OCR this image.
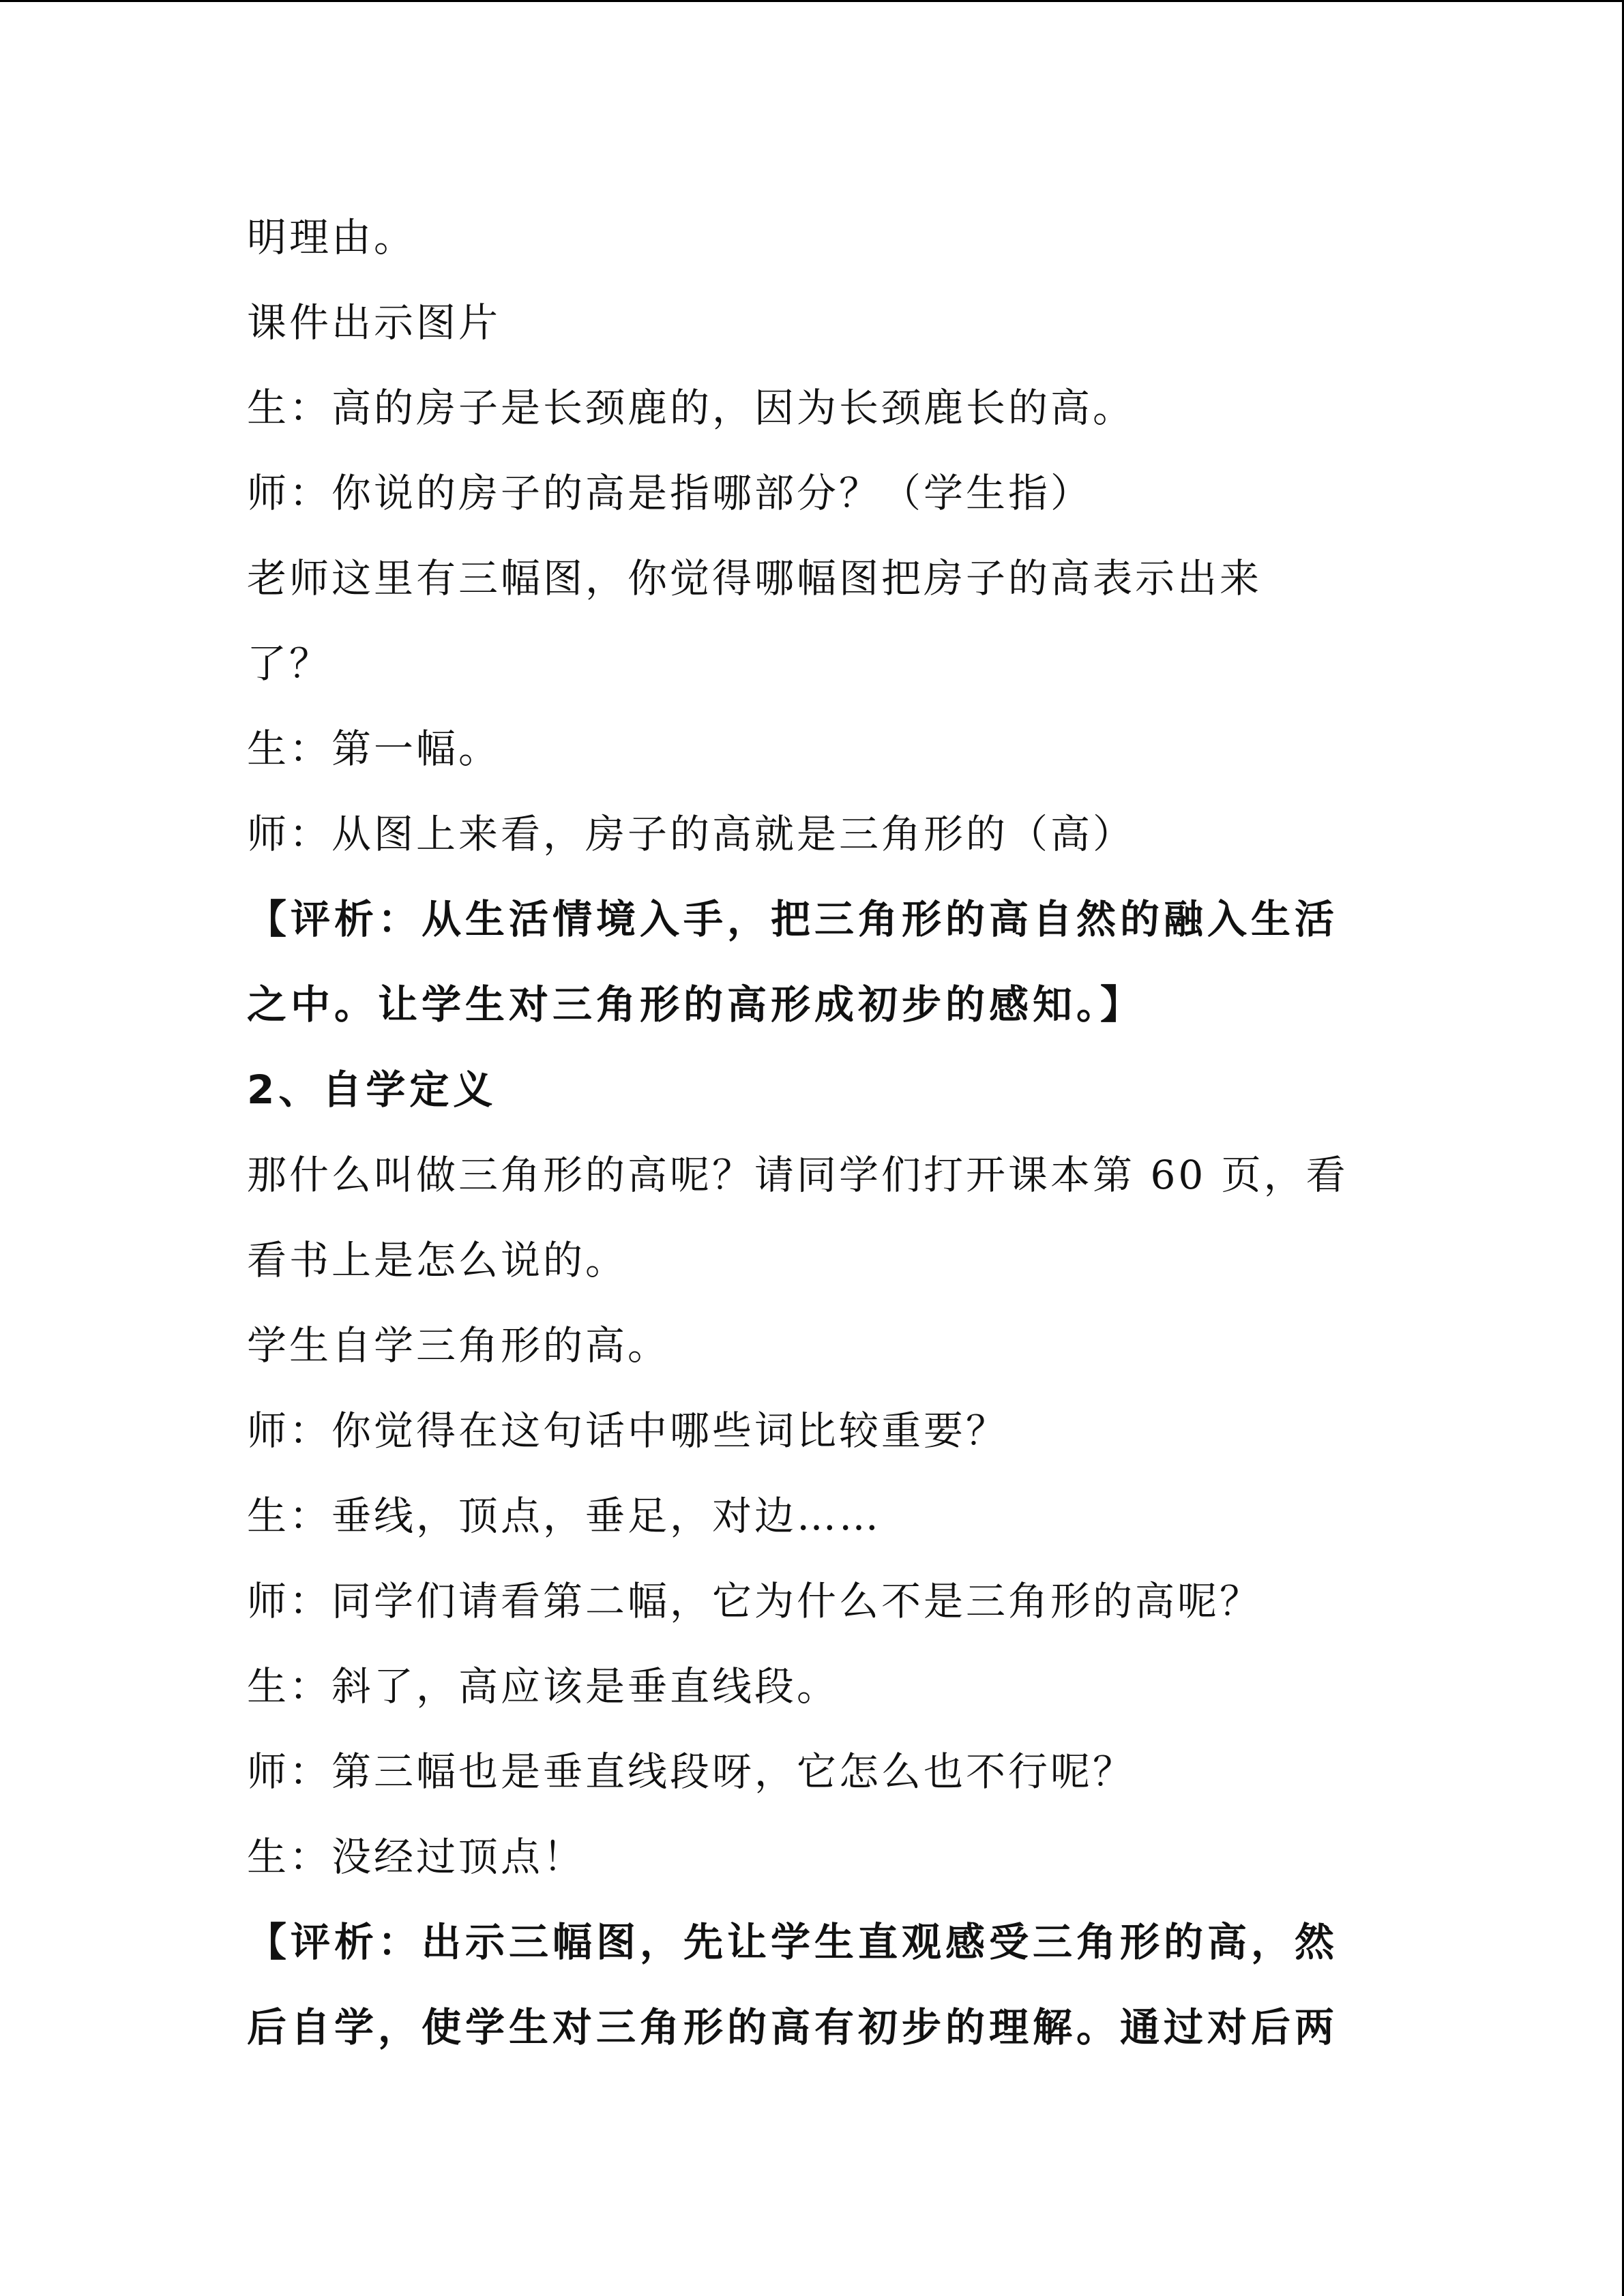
明理由。
课件出示图片
生：高的房子是长颈鹿的，因为长颈鹿长的高。
师：你说的房子的高是指哪部分？（学生指）
老师这里有三幅图，你觉得哪幅图把房子的高表示出来
了？
生：第一幅。
师：从图上来看，房子的高就是三角形的（高）
【评析：从生活情境入手，把三角形的高自然的融入生活
之中。让学生对三角形的高形成初步的感知。】
2、自学定义
那什么叫做三角形的高呢？请同学们打开课本第 60 页，看
看书上是怎么说的。
学生自学三角形的高。
师：你觉得在这句话中哪些词比较重要？
生：垂线，顶点，垂足，对边……
师：同学们请看第二幅，它为什么不是三角形的高呢？
生：斜了，高应该是垂直线段。
师：第三幅也是垂直线段呀，它怎么也不行呢？
生：没经过顶点！
【评析：出示三幅图，先让学生直观感受三角形的高，然
后自学，使学生对三角形的高有初步的理解。通过对后两
